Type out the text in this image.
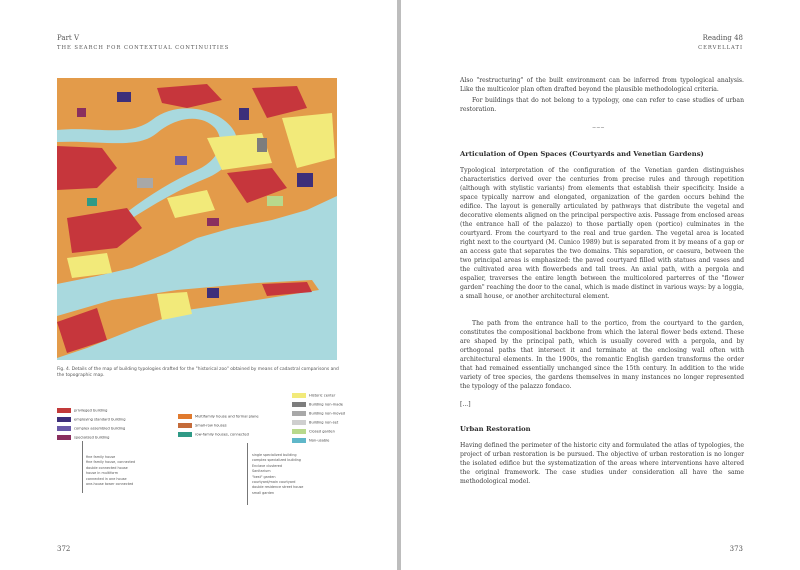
Part V
THE SEARCH FOR CONTEXTUAL CONTINUITIES
Fig. 4. Details of the map of building typologies drafted for the "historical zoo" obtained by means of cadastral comparisons and the topographic map.
privileged building
employing standard building
complex assembled building
specialized building
fine family house
fine family house, connected
double connected house
house in multiform
connected in one house
one-house tower connected
Multifamily house and formal plane
Small-row houses
row-family houses, connected
single specialized building
complex specialized building
Enclave clustered
Sanitarium
"best" garden
courtyard/main courtyard
double residence street house
small garden
Historic center
Building non-made
Building non-moved
Building non-set
Closed garden
Non-usable
372
Reading 48
CERVELLATI
Also "restructuring" of the built environment can be inferred from typological analysis. Like the multicolor plan often drafted beyond the plausible methodological criteria.
For buildings that do not belong to a typology, one can refer to case studies of urban restoration.
~~~
Articulation of Open Spaces (Courtyards and Venetian Gardens)
Typological interpretation of the configuration of the Venetian garden distinguishes characteristics derived over the centuries from precise rules and through repetition (although with stylistic variants) from elements that establish their specificity. Inside a space typically narrow and elongated, organization of the garden occurs behind the edifice. The layout is generally articulated by pathways that distribute the vegetal and decorative elements aligned on the principal perspective axis. Passage from enclosed areas (the entrance hall of the palazzo) to those partially open (portico) culminates in the courtyard. From the courtyard to the real and true garden. The vegetal area is located right next to the courtyard (M. Cunico 1989) but is separated from it by means of a gap or an access gate that separates the two domains. This separation, or caesura, between the two principal areas is emphasized: the paved courtyard filled with statues and vases and the cultivated area with flowerbeds and tall trees. An axial path, with a pergola and espalier, traverses the entire length between the multicolored parterres of the "flower garden" reaching the door to the canal, which is made distinct in various ways: by a loggia, a small house, or another architectural element.
The path from the entrance hall to the portico, from the courtyard to the garden, constitutes the compositional backbone from which the lateral flower beds extend. These are shaped by the principal path, which is usually covered with a pergola, and by orthogonal paths that intersect it and terminate at the enclosing wall often with architectural elements. In the 1900s, the romantic English garden transforms the order that had remained essentially unchanged since the 15th century. In addition to the wide variety of tree species, the gardens themselves in many instances no longer represented the typology of the palazzo fondaco.
[...]
Urban Restoration
Having defined the perimeter of the historic city and formulated the atlas of typologies, the project of urban restoration is be pursued. The objective of urban restoration is no longer the isolated edifice but the systematization of the areas where interventions have altered the original framework. The case studies under consideration all have the same methodological model.
373
